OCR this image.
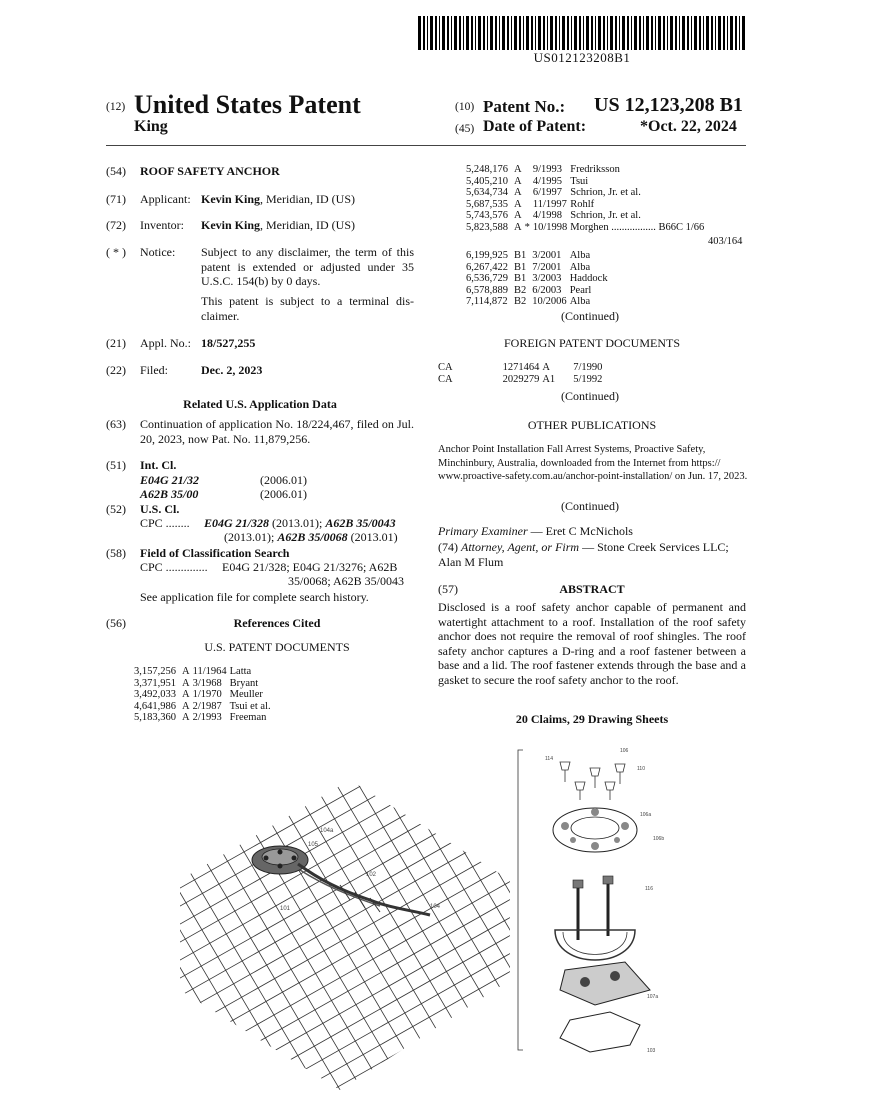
US012123208B1
(12) United States Patent
King
(10) Patent No.: US 12,123,208 B1
(45) Date of Patent:	*Oct. 22, 2024
(54) ROOF SAFETY ANCHOR
(71) Applicant: Kevin King, Meridian, ID (US)
(72) Inventor: Kevin King, Meridian, ID (US)
( * ) Notice: Subject to any disclaimer, the term of this patent is extended or adjusted under 35 U.S.C. 154(b) by 0 days.
This patent is subject to a terminal dis-claimer.
(21) Appl. No.: 18/527,255
(22) Filed:	Dec. 2, 2023
Related U.S. Application Data
(63) Continuation of application No. 18/224,467, filed on Jul. 20, 2023, now Pat. No. 11,879,256.
(51) Int. Cl.
E04G 21/32	(2006.01)
A62B 35/00	(2006.01)
(52) U.S. Cl.
CPC ........ E04G 21/328 (2013.01); A62B 35/0043
(2013.01); A62B 35/0068 (2013.01)
(58) Field of Classification Search
CPC .............. E04G 21/328; E04G 21/3276; A62B
35/0068; A62B 35/0043
See application file for complete search history.
(56)	References Cited
U.S. PATENT DOCUMENTS
3,157,256	A	11/1964	Latta
3,371,951	A	3/1968	Bryant
3,492,033	A	1/1970	Meuller
4,641,986	A	2/1987	Tsui et al.
5,183,360	A	2/1993	Freeman
5,248,176	A		9/1993	Fredriksson
5,405,210	A		4/1995	Tsui
5,634,734	A		6/1997	Schrion, Jr. et al.
5,687,535	A		11/1997	Rohlf
5,743,576	A		4/1998	Schrion, Jr. et al.
5,823,588	A	*	10/1998	Morghen ................. B66C 1/66
403/164
6,199,925	B1		3/2001	Alba
6,267,422	B1		7/2001	Alba
6,536,729	B1		3/2003	Haddock
6,578,889	B2		6/2003	Pearl
7,114,872	B2		10/2006	Alba
(Continued)
FOREIGN PATENT DOCUMENTS
CA	1271464	A	7/1990
CA	2029279	A1	5/1992
(Continued)
OTHER PUBLICATIONS
Anchor Point Installation Fall Arrest Systems, Proactive Safety, Minchinbury, Australia, downloaded from the Internet from https:// www.proactive-safety.com.au/anchor-point-installation/ on Jun. 17, 2023.
(Continued)
Primary Examiner — Eret C McNichols
(74) Attorney, Agent, or Firm — Stone Creek Services LLC; Alan M Flum
(57)	ABSTRACT
Disclosed is a roof safety anchor capable of permanent and watertight attachment to a roof. Installation of the roof safety anchor does not require the removal of roof shingles. The roof safety anchor captures a D-ring and a roof fastener between a base and a lid. The roof fastener extends through the base and a gasket to secure the roof safety anchor to the roof.
20 Claims, 29 Drawing Sheets
104a
105
102
101	104
106
114
110
106a
106b
116
107a
103
